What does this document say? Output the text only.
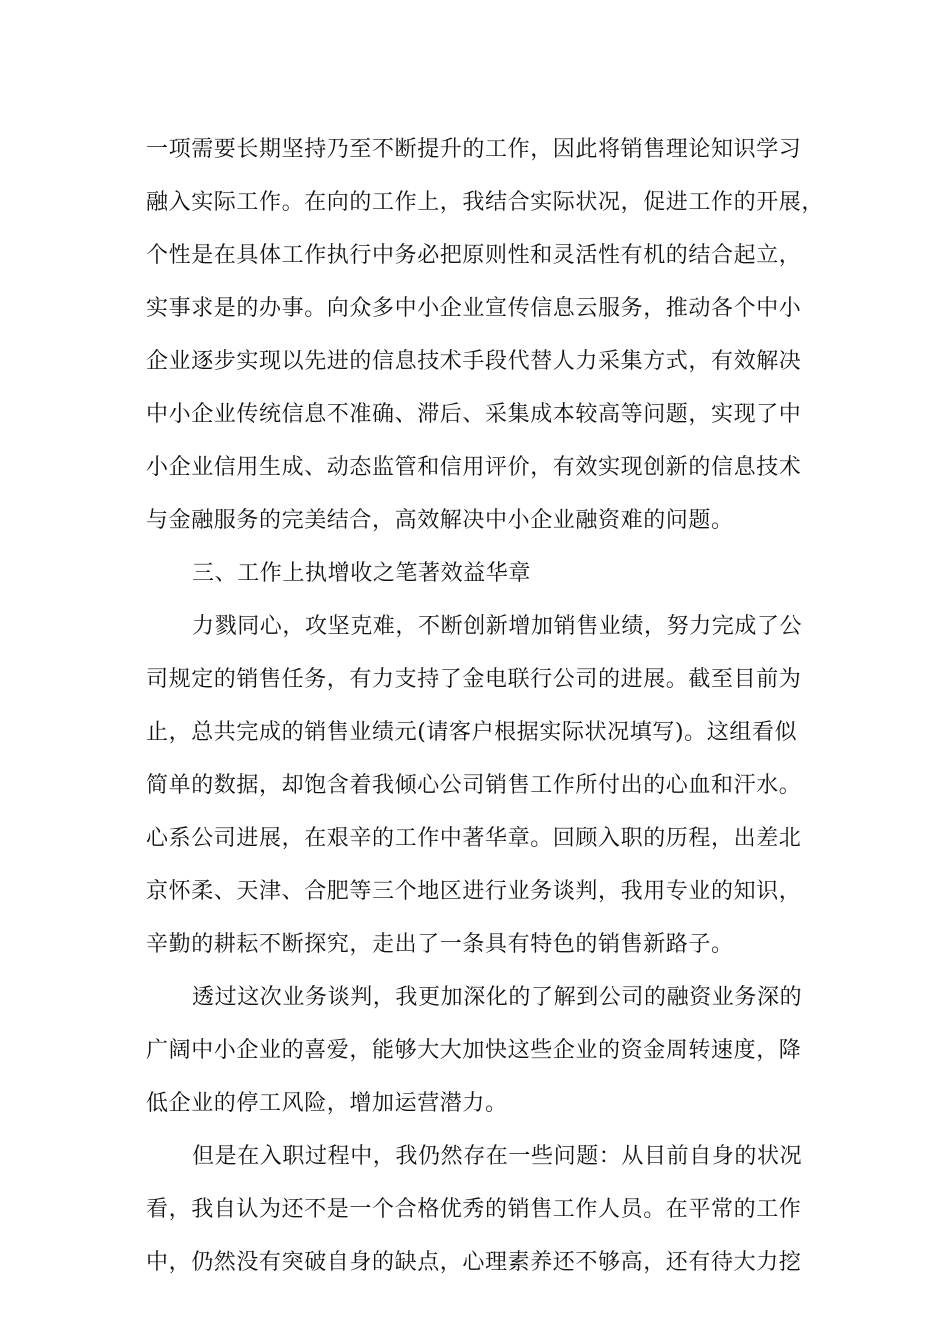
一项需要长期坚持乃至不断提升的工作，因此将销售理论知识学习
融入实际工作。在向的工作上，我结合实际状况，促进工作的开展，
个性是在具体工作执行中务必把原则性和灵活性有机的结合起立，
实事求是的办事。向众多中小企业宣传信息云服务，推动各个中小
企业逐步实现以先进的信息技术手段代替人力采集方式，有效解决
中小企业传统信息不准确、滞后、采集成本较高等问题，实现了中
小企业信用生成、动态监管和信用评价，有效实现创新的信息技术
与金融服务的完美结合，高效解决中小企业融资难的问题。
三、工作上执增收之笔著效益华章
力戮同心，攻坚克难，不断创新增加销售业绩，努力完成了公
司规定的销售任务，有力支持了金电联行公司的进展。截至目前为
止，总共完成的销售业绩元(请客户根据实际状况填写)。这组看似
简单的数据，却饱含着我倾心公司销售工作所付出的心血和汗水。
心系公司进展，在艰辛的工作中著华章。回顾入职的历程，出差北
京怀柔、天津、合肥等三个地区进行业务谈判，我用专业的知识，
辛勤的耕耘不断探究，走出了一条具有特色的销售新路子。
透过这次业务谈判，我更加深化的了解到公司的融资业务深的
广阔中小企业的喜爱，能够大大加快这些企业的资金周转速度，降
低企业的停工风险，增加运营潜力。
但是在入职过程中，我仍然存在一些问题：从目前自身的状况
看，我自认为还不是一个合格优秀的销售工作人员。在平常的工作
中，仍然没有突破自身的缺点，心理素养还不够高，还有待大力挖
